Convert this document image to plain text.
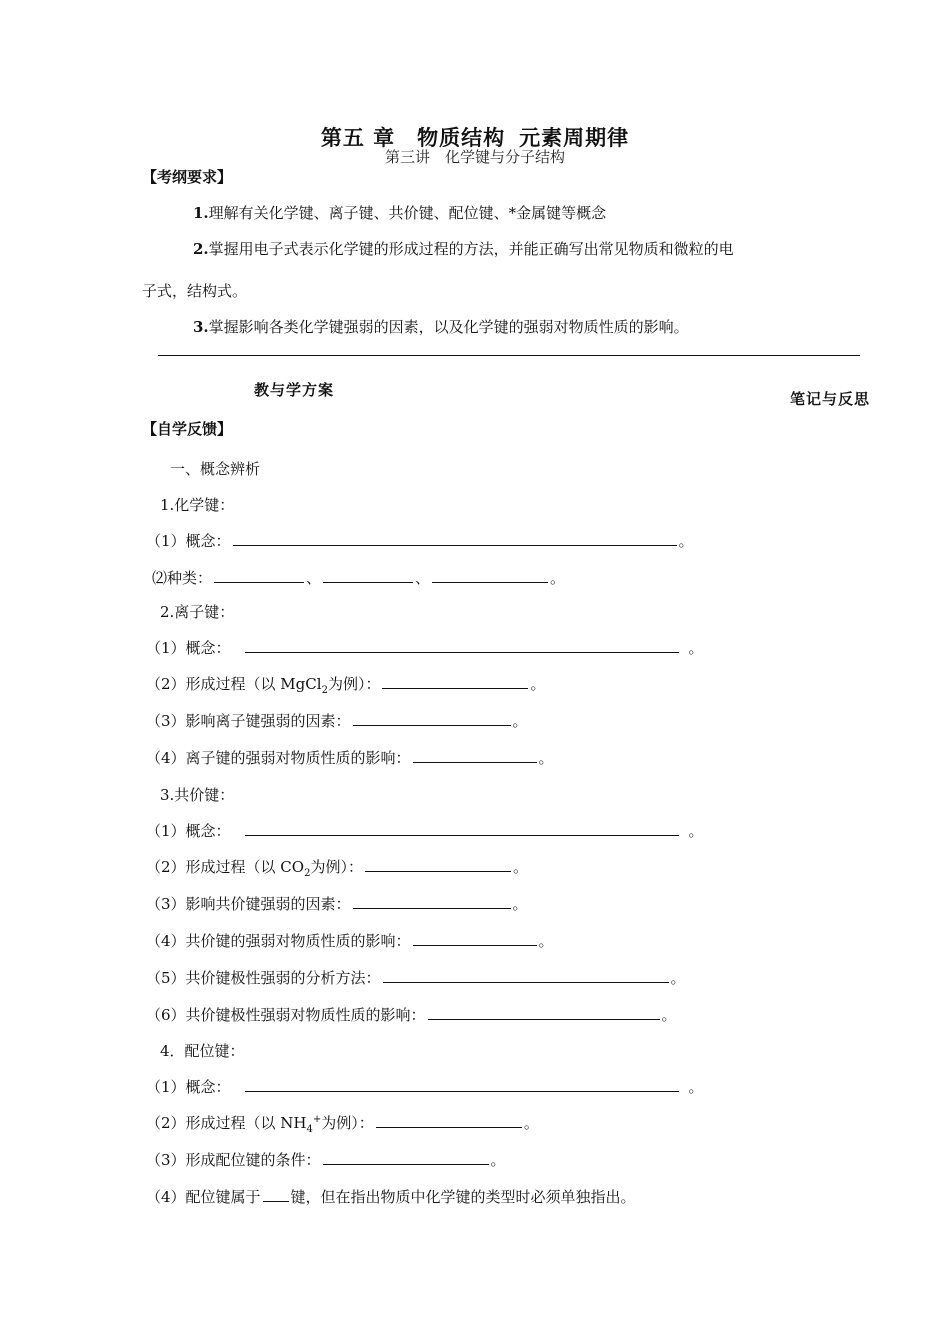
第五 章 物质结构 元素周期律
第三讲　化学键与分子结构
【考纲要求】
1.理解有关化学键、离子键、共价键、配位键、*金属键等概念
2.掌握用电子式表示化学键的形成过程的方法，并能正确写出常见物质和微粒的电
子式，结构式。
3.掌握影响各类化学键强弱的因素，以及化学键的强弱对物质性质的影响。
教与学方案	笔记与反思
【自学反馈】
一、概念辨析
1.化学键：
（1）概念：	。
⑵种类：	、	、	。
2.离子键：
（1）概念：	。
（2）形成过程（以 MgCl$_2$为例）：	。
（3）影响离子键强弱的因素：	。
（4）离子键的强弱对物质性质的影响：	。
3.共价键：
（1）概念：	。
（2）形成过程（以 $CO_2$为例）：	。
（3）影响共价键强弱的因素：	。
（4）共价键的强弱对物质性质的影响：	。
（5）共价键极性强弱的分析方法：	。
（6）共价键极性强弱对物质性质的影响：	。
4．配位键：
（1）概念：	。
（2）形成过程（以 $NH_4^+$为例）：	。
（3）形成配位键的条件：	。
（4）配位键属于 键，但在指出物质中化学键的类型时必须单独指出。
